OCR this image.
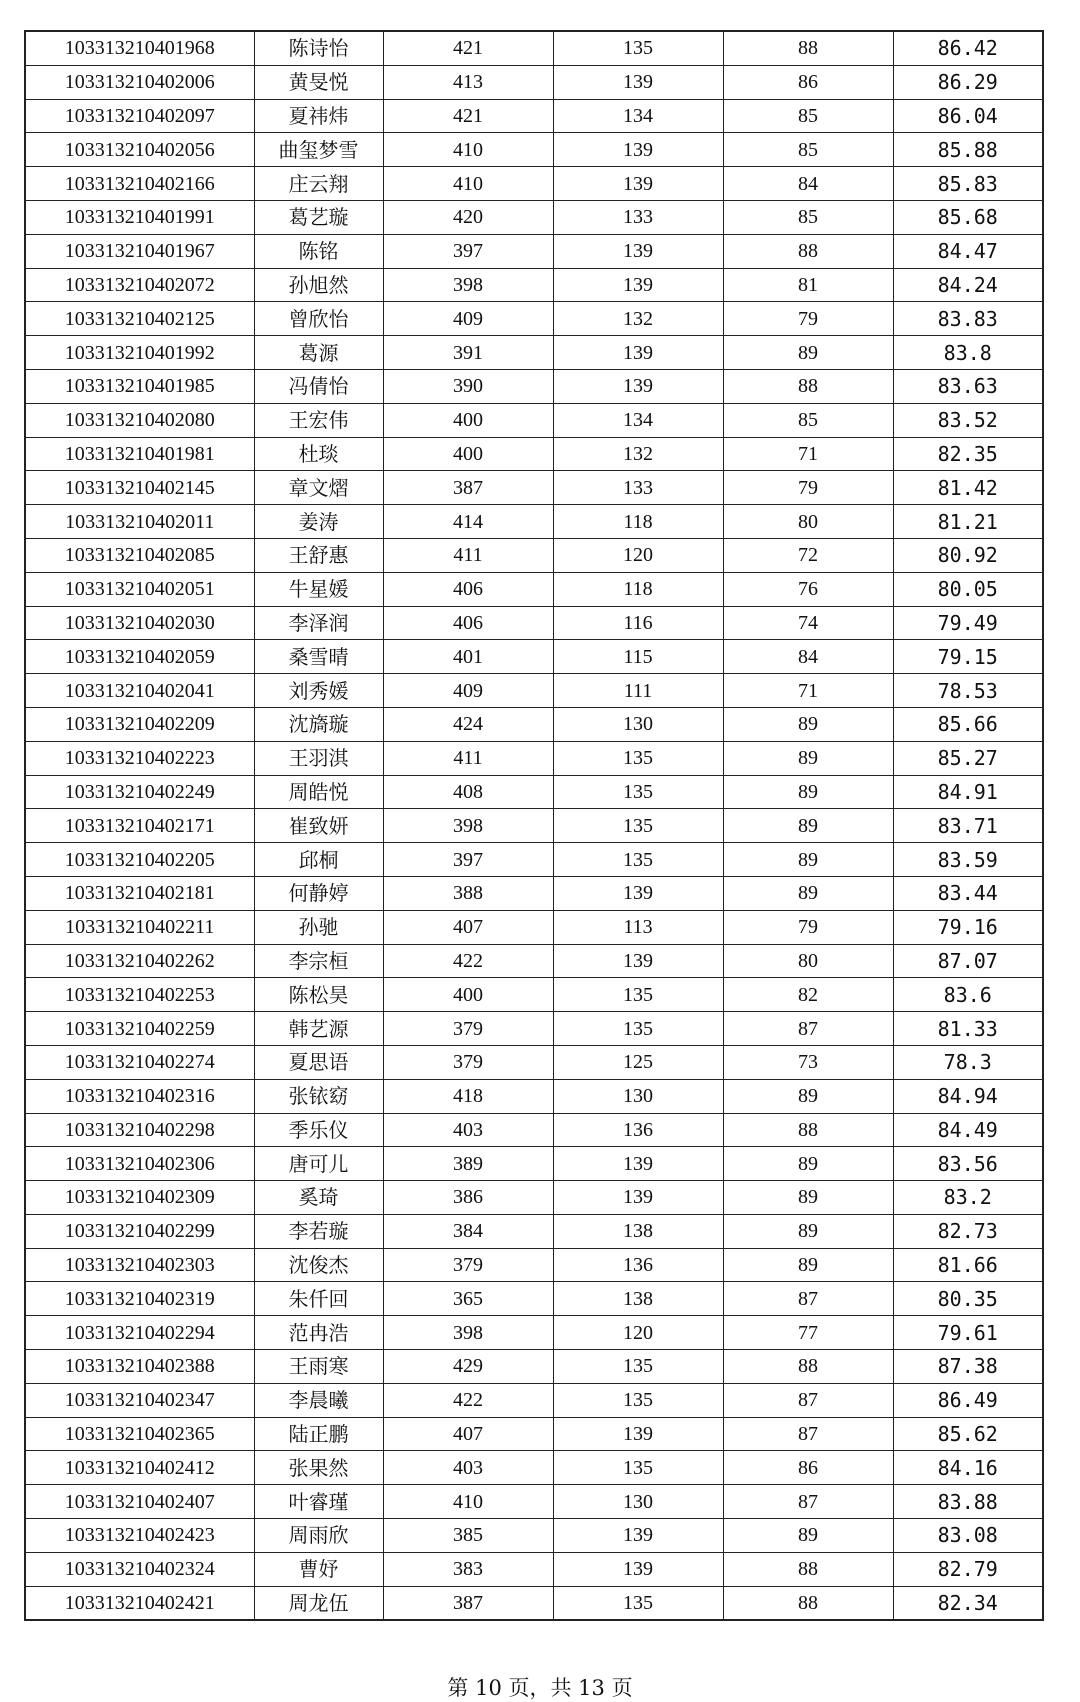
103313210401968	陈诗怡	421	135	88	86.42
103313210402006	黄旻悦	413	139	86	86.29
103313210402097	夏祎炜	421	134	85	86.04
103313210402056	曲玺梦雪	410	139	85	85.88
103313210402166	庄云翔	410	139	84	85.83
103313210401991	葛艺璇	420	133	85	85.68
103313210401967	陈铭	397	139	88	84.47
103313210402072	孙旭然	398	139	81	84.24
103313210402125	曾欣怡	409	132	79	83.83
103313210401992	葛源	391	139	89	83.8
103313210401985	冯倩怡	390	139	88	83.63
103313210402080	王宏伟	400	134	85	83.52
103313210401981	杜琰	400	132	71	82.35
103313210402145	章文熠	387	133	79	81.42
103313210402011	姜涛	414	118	80	81.21
103313210402085	王舒惠	411	120	72	80.92
103313210402051	牛星媛	406	118	76	80.05
103313210402030	李泽润	406	116	74	79.49
103313210402059	桑雪晴	401	115	84	79.15
103313210402041	刘秀媛	409	111	71	78.53
103313210402209	沈旖璇	424	130	89	85.66
103313210402223	王羽淇	411	135	89	85.27
103313210402249	周皓悦	408	135	89	84.91
103313210402171	崔致妍	398	135	89	83.71
103313210402205	邱桐	397	135	89	83.59
103313210402181	何静婷	388	139	89	83.44
103313210402211	孙驰	407	113	79	79.16
103313210402262	李宗桓	422	139	80	87.07
103313210402253	陈松昊	400	135	82	83.6
103313210402259	韩艺源	379	135	87	81.33
103313210402274	夏思语	379	125	73	78.3
103313210402316	张铱窈	418	130	89	84.94
103313210402298	季乐仪	403	136	88	84.49
103313210402306	唐可儿	389	139	89	83.56
103313210402309	奚琦	386	139	89	83.2
103313210402299	李若璇	384	138	89	82.73
103313210402303	沈俊杰	379	136	89	81.66
103313210402319	朱仟回	365	138	87	80.35
103313210402294	范冉浩	398	120	77	79.61
103313210402388	王雨寒	429	135	88	87.38
103313210402347	李晨曦	422	135	87	86.49
103313210402365	陆正鹏	407	139	87	85.62
103313210402412	张果然	403	135	86	84.16
103313210402407	叶睿瑾	410	130	87	83.88
103313210402423	周雨欣	385	139	89	83.08
103313210402324	曹妤	383	139	88	82.79
103313210402421	周龙伍	387	135	88	82.34
第 10 页，共 13 页
